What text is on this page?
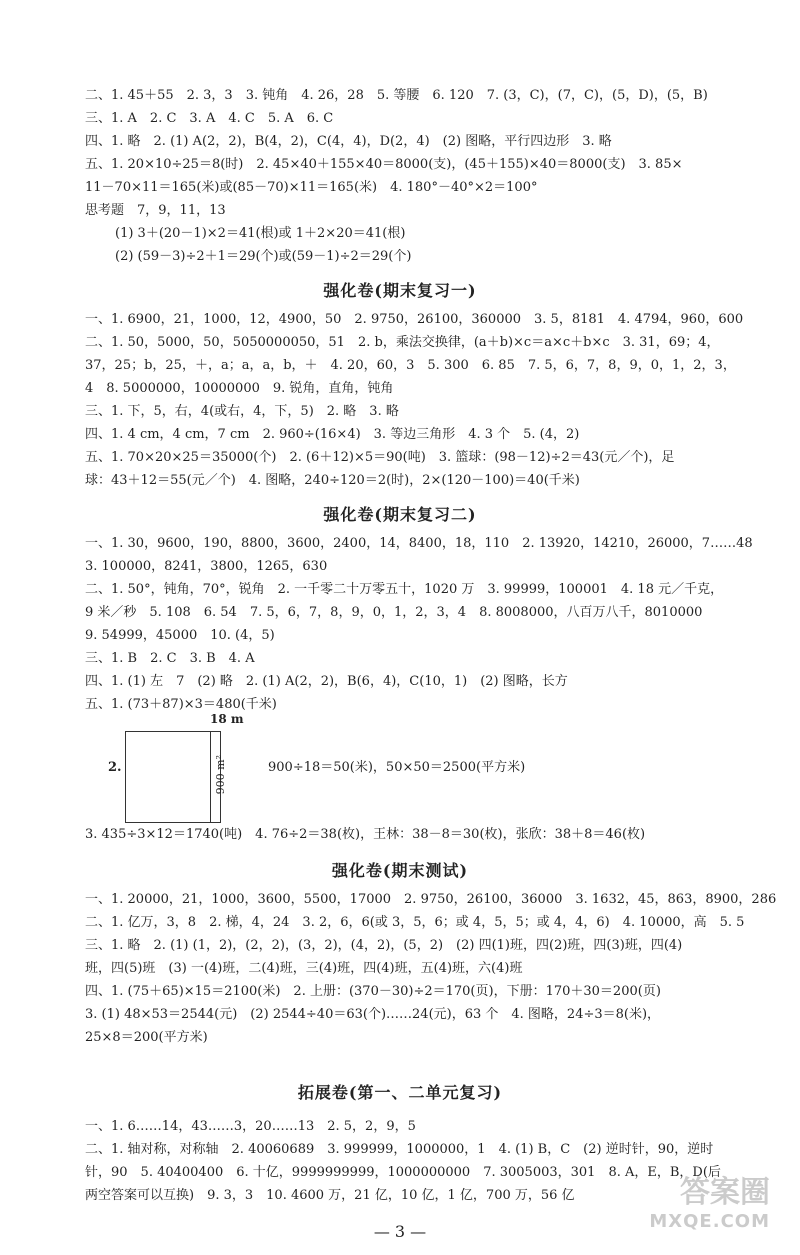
二、1. 45＋55　2. 3，3　3. 钝角　4. 26，28　5. 等腰　6. 120　7. (3，C)，(7，C)，(5，D)，(5，B)
三、1. A　2. C　3. A　4. C　5. A　6. C
四、1. 略　2. (1) A(2，2)，B(4，2)，C(4，4)，D(2，4)　(2) 图略，平行四边形　3. 略
五、1. 20×10÷25＝8(时)　2. 45×40＋155×40＝8000(支)，(45＋155)×40＝8000(支)　3. 85×
11－70×11＝165(米)或(85－70)×11＝165(米)　4. 180°－40°×2＝100°
思考题　7，9，11，13
(1) 3＋(20－1)×2＝41(根)或 1＋2×20＝41(根)
(2) (59－3)÷2＋1＝29(个)或(59－1)÷2＝29(个)
强化卷(期末复习一)
一、1. 6900，21，1000，12，4900，50　2. 9750，26100，360000　3. 5，8181　4. 4794，960，600
二、1. 50，5000，50，5050000050，51　2. b，乘法交换律，(a＋b)×c＝a×c＋b×c　3. 31，69；4，
37，25；b，25，＋，a；a，a，b，＋　4. 20，60，3　5. 300　6. 85　7. 5，6，7，8，9，0，1，2，3，
4　8. 5000000，10000000　9. 锐角，直角，钝角
三、1. 下，5，右，4(或右，4，下，5)　2. 略　3. 略
四、1. 4 cm，4 cm，7 cm　2. 960÷(16×4)　3. 等边三角形　4. 3 个　5. (4，2)
五、1. 70×20×25＝35000(个)　2. (6＋12)×5＝90(吨)　3. 篮球：(98－12)÷2＝43(元／个)，足
球：43＋12＝55(元／个)　4. 图略，240÷120＝2(时)，2×(120－100)＝40(千米)
强化卷(期末复习二)
一、1. 30，9600，190，8800，3600，2400，14，8400，18，110　2. 13920，14210，26000，7……48
3. 100000，8241，3800，1265，630
二、1. 50°，钝角，70°，锐角　2. 一千零二十万零五十，1020 万　3. 99999，100001　4. 18 元／千克，
9 米／秒　5. 108　6. 54　7. 5，6，7，8，9，0，1，2，3，4　8. 8008000，八百万八千，8010000
9. 54999，45000　10. (4，5)
三、1. B　2. C　3. B　4. A
四、1. (1) 左　7　(2) 略　2. (1) A(2，2)，B(6，4)，C(10，1)　(2) 图略，长方
五、1. (73＋87)×3＝480(千米)
2.
18 m
900 m²	900÷18＝50(米)，50×50＝2500(平方米)
3. 435÷3×12＝1740(吨)　4. 76÷2＝38(枚)，王林：38－8＝30(枚)，张欣：38＋8＝46(枚)
强化卷(期末测试)
一、1. 20000，21，1000，3600，5500，17000　2. 9750，26100，36000　3. 1632，45，863，8900，286
二、1. 亿万，3，8　2. 梯，4，24　3. 2，6，6(或 3，5，6；或 4，5，5；或 4，4，6)　4. 10000，高　5. 5
三、1. 略　2. (1) (1，2)，(2，2)，(3，2)，(4，2)，(5，2)　(2) 四(1)班，四(2)班，四(3)班，四(4)
班，四(5)班　(3) 一(4)班，二(4)班，三(4)班，四(4)班，五(4)班，六(4)班
四、1. (75＋65)×15＝2100(米)　2. 上册：(370－30)÷2＝170(页)，下册：170＋30＝200(页)
3. (1) 48×53＝2544(元)　(2) 2544÷40＝63(个)……24(元)，63 个　4. 图略，24÷3＝8(米)，
25×8＝200(平方米)
拓展卷(第一、二单元复习)
一、1. 6……14，43……3，20……13　2. 5，2，9，5
二、1. 轴对称，对称轴　2. 40060689　3. 999999，1000000，1　4. (1) B，C　(2) 逆时针，90，逆时
针，90　5. 40400400　6. 十亿，9999999999，1000000000　7. 3005003，301　8. A，E，B，D(后
两空答案可以互换)　9. 3，3　10. 4600 万，21 亿，10 亿，1 亿，700 万，56 亿
— 3 —
答案圈
MXQE.COM
